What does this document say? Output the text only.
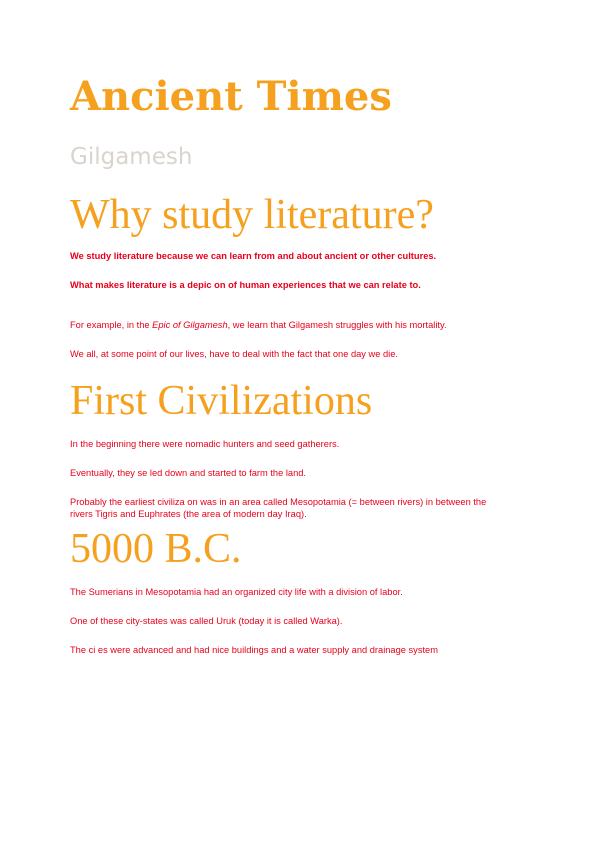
Ancient Times
Gilgamesh
Why study literature?

We study literature because we can learn from and about ancient or other cultures.

What makes literature is a depic on of human experiences that we can relate to.

For example, in the Epic of Gilgamesh, we learn that Gilgamesh struggles with his mortality.

We all, at some point of our lives, have to deal with the fact that one day we die.

First Civilizations

In the beginning there were nomadic hunters and seed gatherers.

Eventually, they se led down and started to farm the land.

Probably the earliest civiliza on was in an area called Mesopotamia (= between rivers) in between the rivers Tigris and Euphrates (the area of modern day Iraq).

5000 B.C.

The Sumerians in Mesopotamia had an organized city life with a division of labor.

One of these city-states was called Uruk (today it is called Warka).

The ci es were advanced and had nice buildings and a water supply and drainage system
